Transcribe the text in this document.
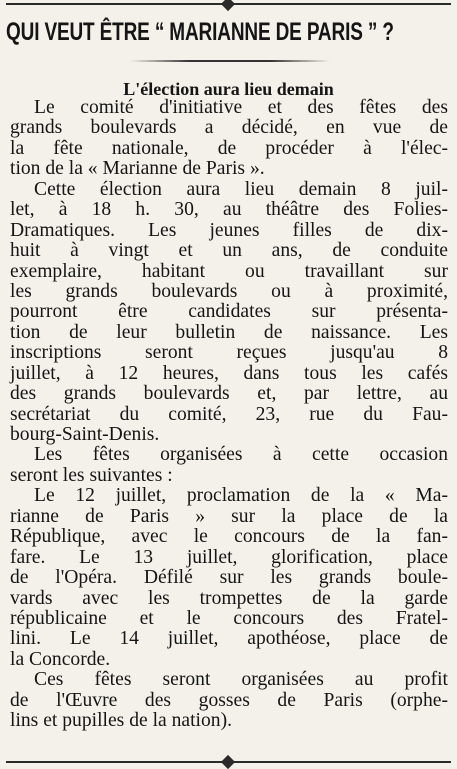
QUI VEUT ÊTRE “ MARIANNE DE PARIS ” ?
L'élection aura lieu demain
Le comité d'initiative et des fêtes des
grands boulevards a décidé, en vue de
la fête nationale, de procéder à l'élec-
tion de la « Marianne de Paris ».
Cette élection aura lieu demain 8 juil-
let, à 18 h. 30, au théâtre des Folies-
Dramatiques. Les jeunes filles de dix-
huit à vingt et un ans, de conduite
exemplaire, habitant ou travaillant sur
les grands boulevards ou à proximité,
pourront être candidates sur présenta-
tion de leur bulletin de naissance. Les
inscriptions seront reçues jusqu'au 8
juillet, à 12 heures, dans tous les cafés
des grands boulevards et, par lettre, au
secrétariat du comité, 23, rue du Fau-
bourg-Saint-Denis.
Les fêtes organisées à cette occasion
seront les suivantes :
Le 12 juillet, proclamation de la « Ma-
rianne de Paris » sur la place de la
République, avec le concours de la fan-
fare. Le 13 juillet, glorification, place
de l'Opéra. Défilé sur les grands boule-
vards avec les trompettes de la garde
républicaine et le concours des Fratel-
lini. Le 14 juillet, apothéose, place de
la Concorde.
Ces fêtes seront organisées au profit
de l'Œuvre des gosses de Paris (orphe-
lins et pupilles de la nation).
